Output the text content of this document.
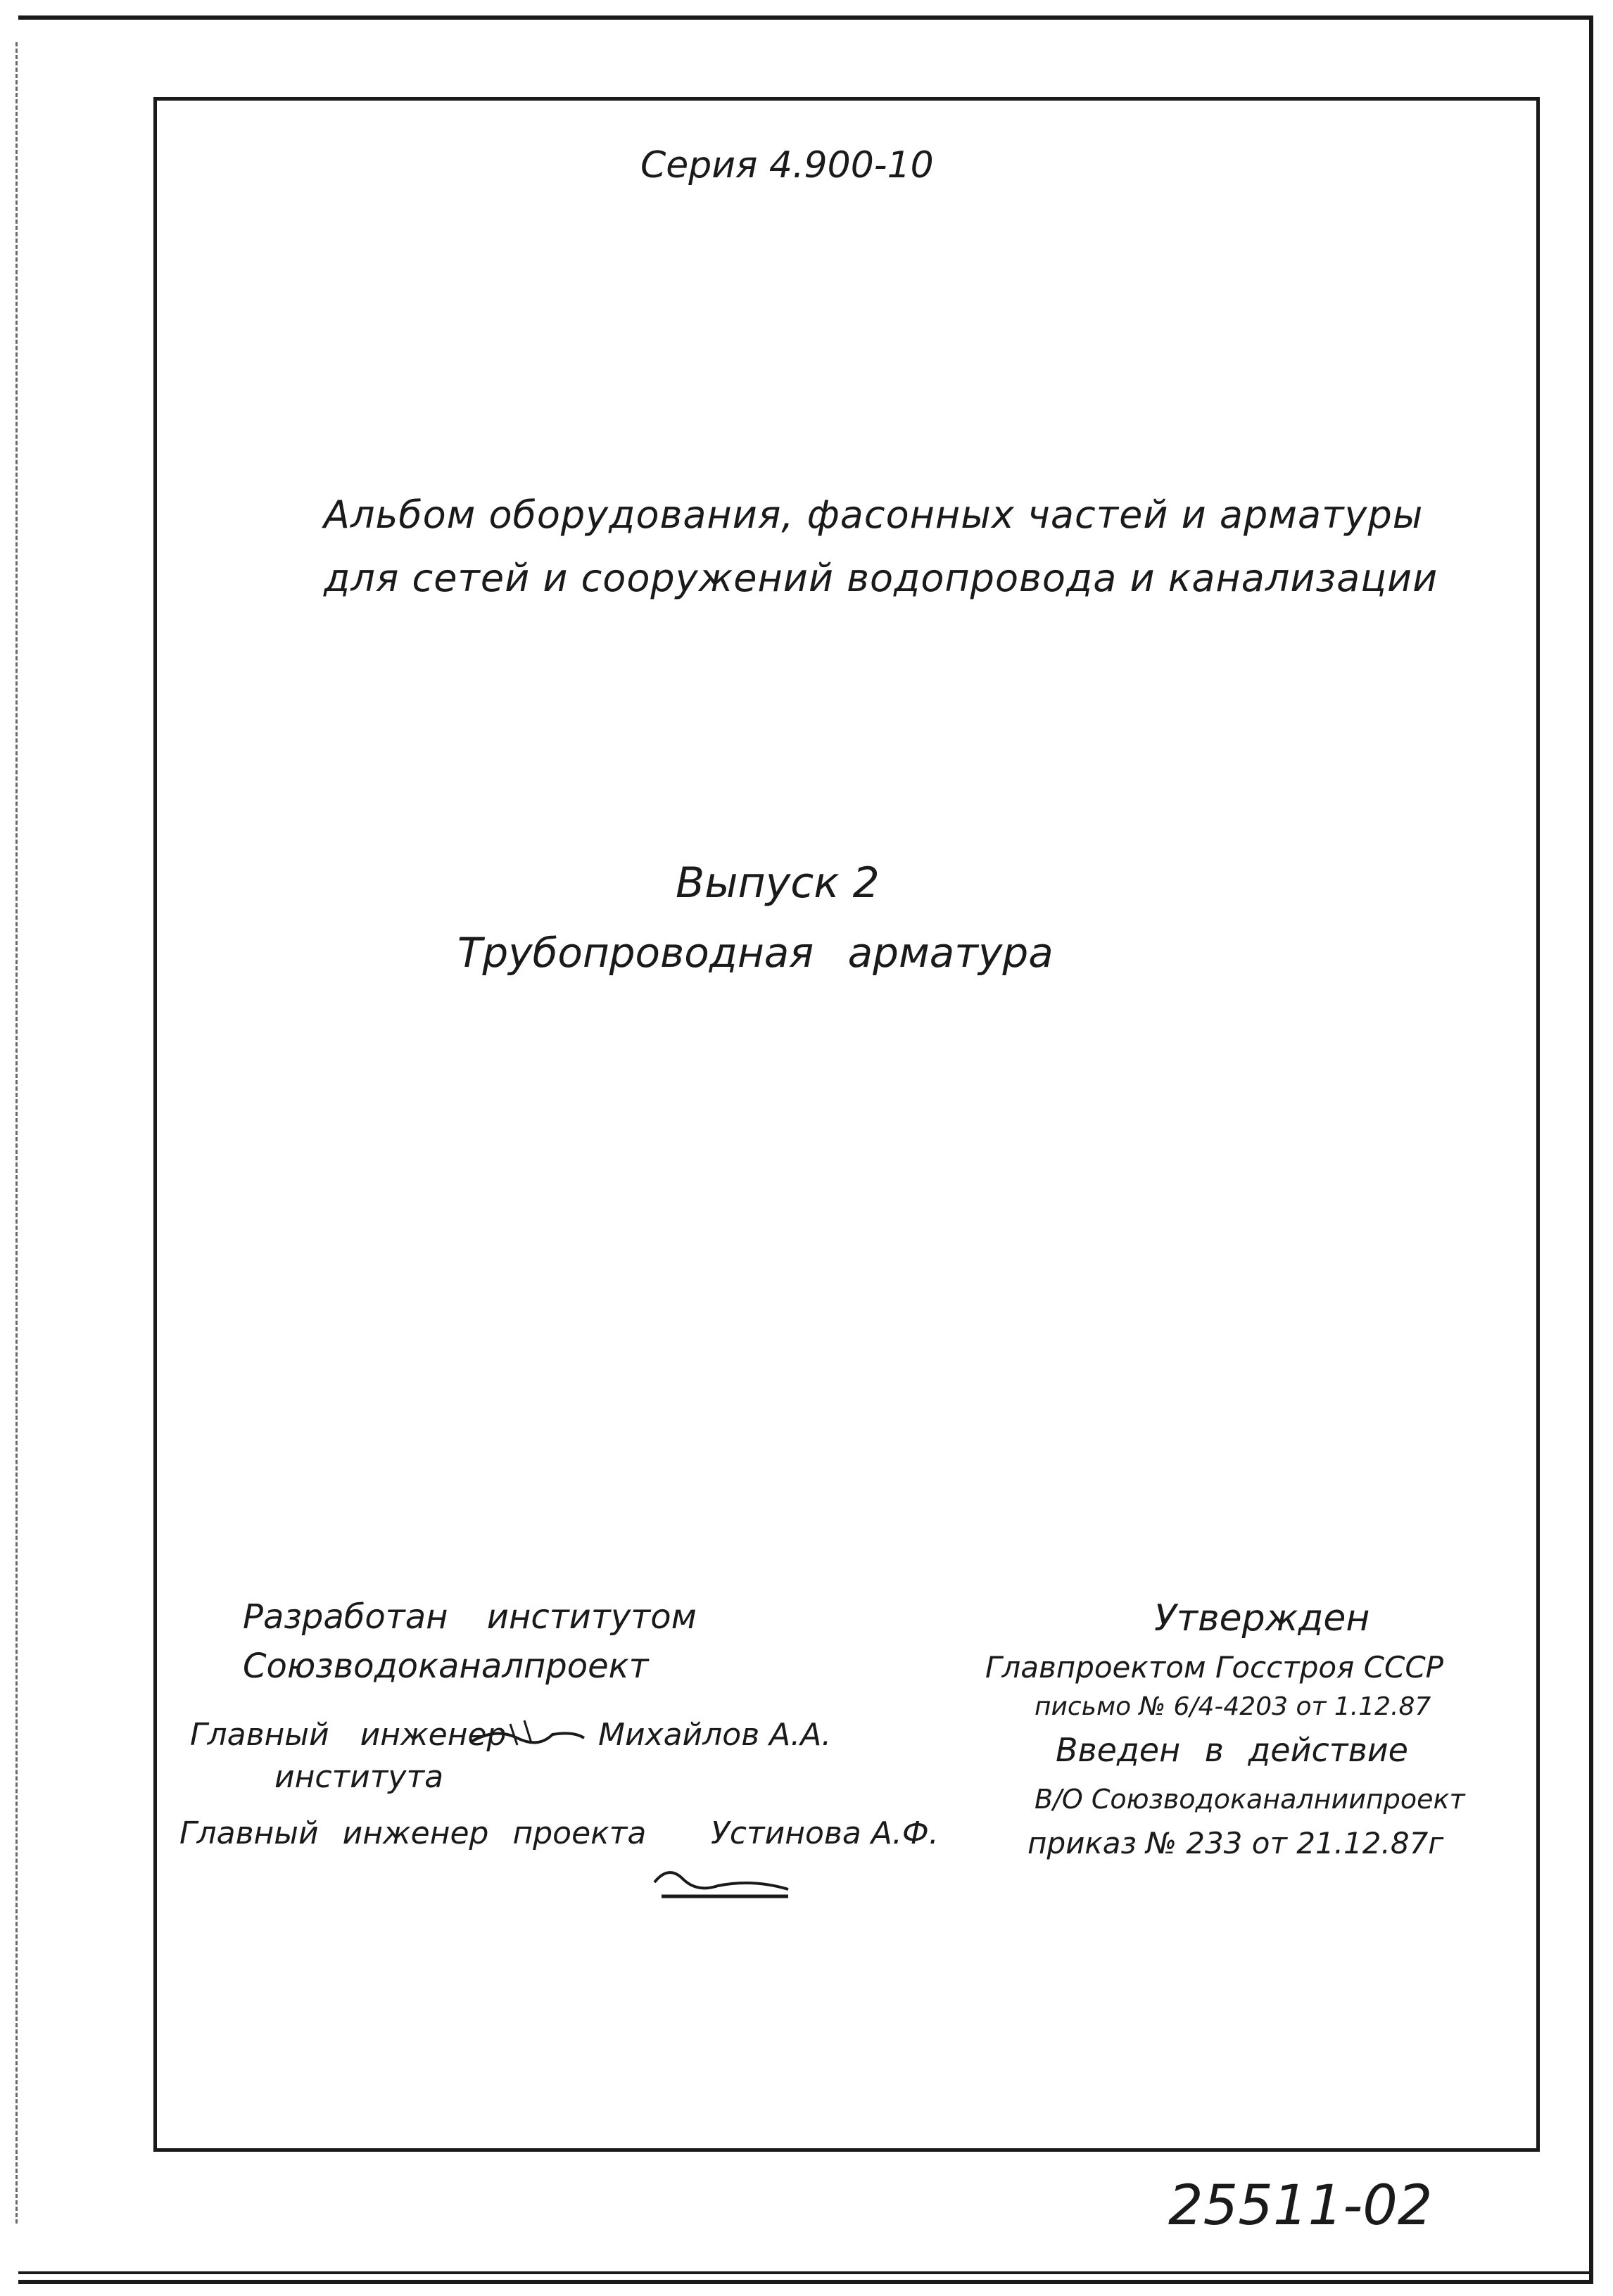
Серия 4.900-10
Альбом оборудования, фасонных частей и арматуры
для сетей и сооружений водопровода и канализации
Выпуск 2
Трубопроводная арматура
Разработан институтом
Союзводоканалпроект
Главный инженер	Михайлов А.А.
института
Главный инженер проекта Устинова А.Ф.
Утвержден
Главпроектом Госстроя СССР
письмо № 6/4-4203 от 1.12.87
Введен в действие
В/О Союзводоканалниипроект
приказ № 233 от 21.12.87г
25511-02
